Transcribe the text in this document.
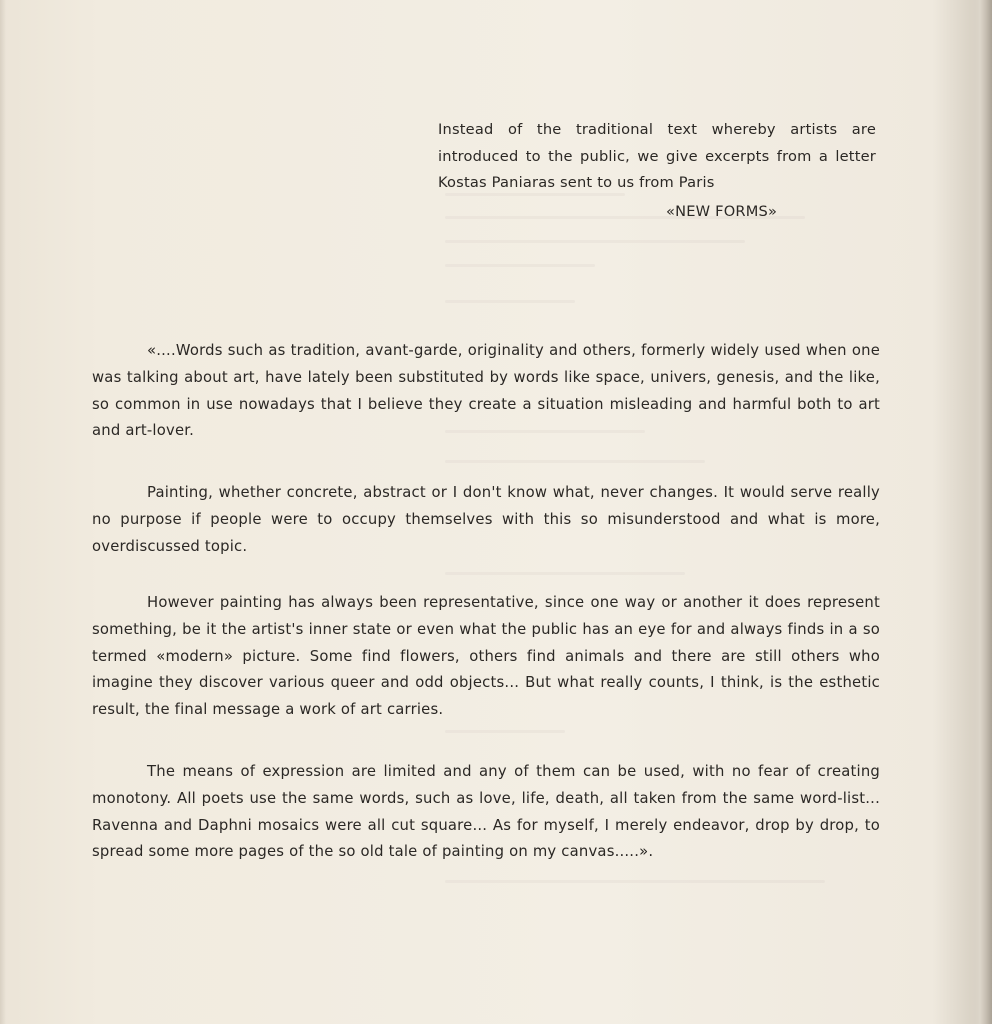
Instead of the traditional text whereby artists are introduced to the public, we give excerpts from a letter Kostas Paniaras sent to us from Paris
«NEW FORMS»

«....Words such as tradition, avant-garde, originality and others, formerly widely used when one was talking about art, have lately been substituted by words like space, univers, genesis, and the like, so common in use nowadays that I believe they create a situation misleading and harmful both to art and art-lover.

Painting, whether concrete, abstract or I don't know what, never changes. It would serve really no purpose if people were to occupy themselves with this so misunderstood and what is more, overdiscussed topic.

However painting has always been representative, since one way or another it does represent something, be it the artist's inner state or even what the public has an eye for and always finds in a so termed «modern» picture. Some find flowers, others find animals and there are still others who imagine they discover various queer and odd objects... But what really counts, I think, is the esthetic result, the final message a work of art carries.

The means of expression are limited and any of them can be used, with no fear of creating monotony. All poets use the same words, such as love, life, death, all taken from the same word-list... Ravenna and Daphni mosaics were all cut square... As for myself, I merely endeavor, drop by drop, to spread some more pages of the so old tale of painting on my canvas.....».
